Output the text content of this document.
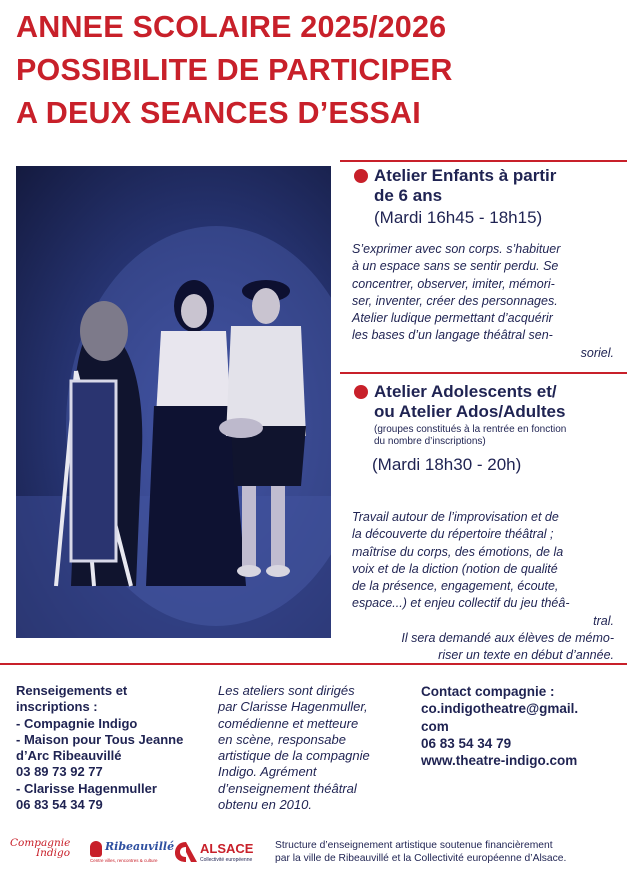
ANNEE SCOLAIRE 2025/2026
POSSIBILITE DE PARTICIPER
A DEUX SEANCES D’ESSAI
Atelier Enfants à partir
de 6 ans
(Mardi 16h45 - 18h15)
S’exprimer avec son corps. s’habituer
à un espace sans se sentir perdu. Se
concentrer, observer, imiter, mémori-
ser, inventer, créer des personnages.
Atelier ludique permettant d’acquérir
les bases d’un langage théâtral sen-
soriel.
Atelier Adolescents et/
ou Atelier Ados/Adultes
(groupes constitués à la rentrée en fonction
du nombre d’inscriptions)
(Mardi 18h30 - 20h)
Travail autour de l’improvisation et de
la découverte du répertoire théâtral ;
maîtrise du corps, des émotions, de la
voix et de la diction (notion de qualité
de la présence, engagement, écoute,
espace...) et enjeu collectif du jeu théâ-
tral.
Il sera demandé aux élèves de mémo-
riser un texte en début d’année.
Renseigements et
inscriptions :
- Compagnie Indigo
- Maison pour Tous Jeanne
d’Arc Ribeauvillé
03 89 73 92 77
- Clarisse Hagenmuller
06 83 54 34 79
Les ateliers sont dirigés
par Clarisse Hagenmuller,
comédienne et metteure
en scène, responsabe
artistique de la compagnie
Indigo. Agrément
d’enseignement théâtral
obtenu en 2010.
Contact compagnie :
co.indigotheatre@gmail.
com
06 83 54 34 79
www.theatre-indigo.com
Compagnie
Indigo	Ribeauvillé
Centre villes, rencontres & culture
ALSACE
Collectivité européenne
Structure d’enseignement artistique soutenue financièrement
par la ville de Ribeauvillé et la Collectivité européenne d’Alsace.
